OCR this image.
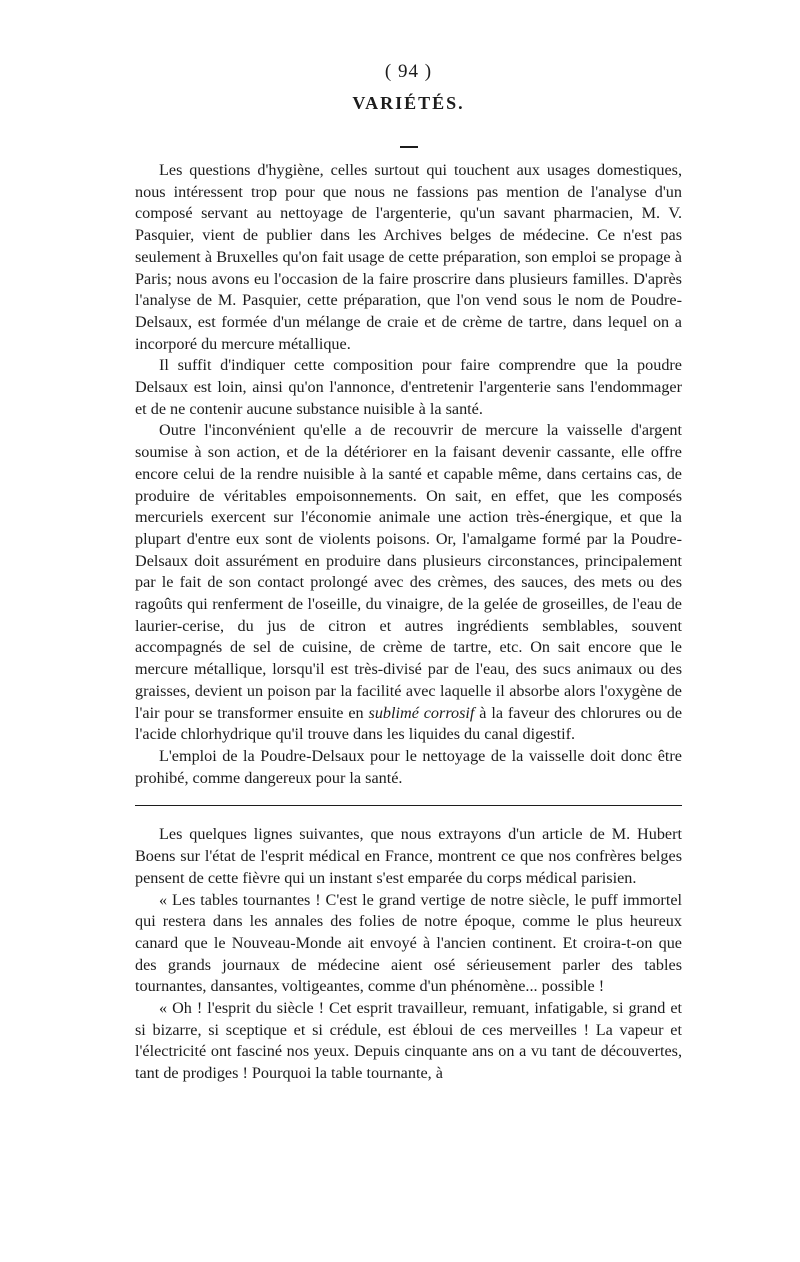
( 94 )

VARIÉTÉS.

Les questions d'hygiène, celles surtout qui touchent aux usages domestiques, nous intéressent trop pour que nous ne fassions pas mention de l'analyse d'un composé servant au nettoyage de l'argenterie, qu'un savant pharmacien, M. V. Pasquier, vient de publier dans les Archives belges de médecine. Ce n'est pas seulement à Bruxelles qu'on fait usage de cette préparation, son emploi se propage à Paris; nous avons eu l'occasion de la faire proscrire dans plusieurs familles. D'après l'analyse de M. Pasquier, cette préparation, que l'on vend sous le nom de Poudre-Delsaux, est formée d'un mélange de craie et de crème de tartre, dans lequel on a incorporé du mercure métallique.

Il suffit d'indiquer cette composition pour faire comprendre que la poudre Delsaux est loin, ainsi qu'on l'annonce, d'entretenir l'argenterie sans l'endommager et de ne contenir aucune substance nuisible à la santé.

Outre l'inconvénient qu'elle a de recouvrir de mercure la vaisselle d'argent soumise à son action, et de la détériorer en la faisant devenir cassante, elle offre encore celui de la rendre nuisible à la santé et capable même, dans certains cas, de produire de véritables empoisonnements. On sait, en effet, que les composés mercuriels exercent sur l'économie animale une action très-énergique, et que la plupart d'entre eux sont de violents poisons. Or, l'amalgame formé par la Poudre-Delsaux doit assurément en produire dans plusieurs circonstances, principalement par le fait de son contact prolongé avec des crèmes, des sauces, des mets ou des ragoûts qui renferment de l'oseille, du vinaigre, de la gelée de groseilles, de l'eau de laurier-cerise, du jus de citron et autres ingrédients semblables, souvent accompagnés de sel de cuisine, de crème de tartre, etc. On sait encore que le mercure métallique, lorsqu'il est très-divisé par de l'eau, des sucs animaux ou des graisses, devient un poison par la facilité avec laquelle il absorbe alors l'oxygène de l'air pour se transformer ensuite en sublimé corrosif à la faveur des chlorures ou de l'acide chlorhydrique qu'il trouve dans les liquides du canal digestif.

L'emploi de la Poudre-Delsaux pour le nettoyage de la vaisselle doit donc être prohibé, comme dangereux pour la santé.

Les quelques lignes suivantes, que nous extrayons d'un article de M. Hubert Boens sur l'état de l'esprit médical en France, montrent ce que nos confrères belges pensent de cette fièvre qui un instant s'est emparée du corps médical parisien.

« Les tables tournantes ! C'est le grand vertige de notre siècle, le puff immortel qui restera dans les annales des folies de notre époque, comme le plus heureux canard que le Nouveau-Monde ait envoyé à l'ancien continent. Et croira-t-on que des grands journaux de médecine aient osé sérieusement parler des tables tournantes, dansantes, voltigeantes, comme d'un phénomène... possible !

« Oh ! l'esprit du siècle ! Cet esprit travailleur, remuant, infatigable, si grand et si bizarre, si sceptique et si crédule, est ébloui de ces merveilles ! La vapeur et l'électricité ont fasciné nos yeux. Depuis cinquante ans on a vu tant de découvertes, tant de prodiges ! Pourquoi la table tournante, à
